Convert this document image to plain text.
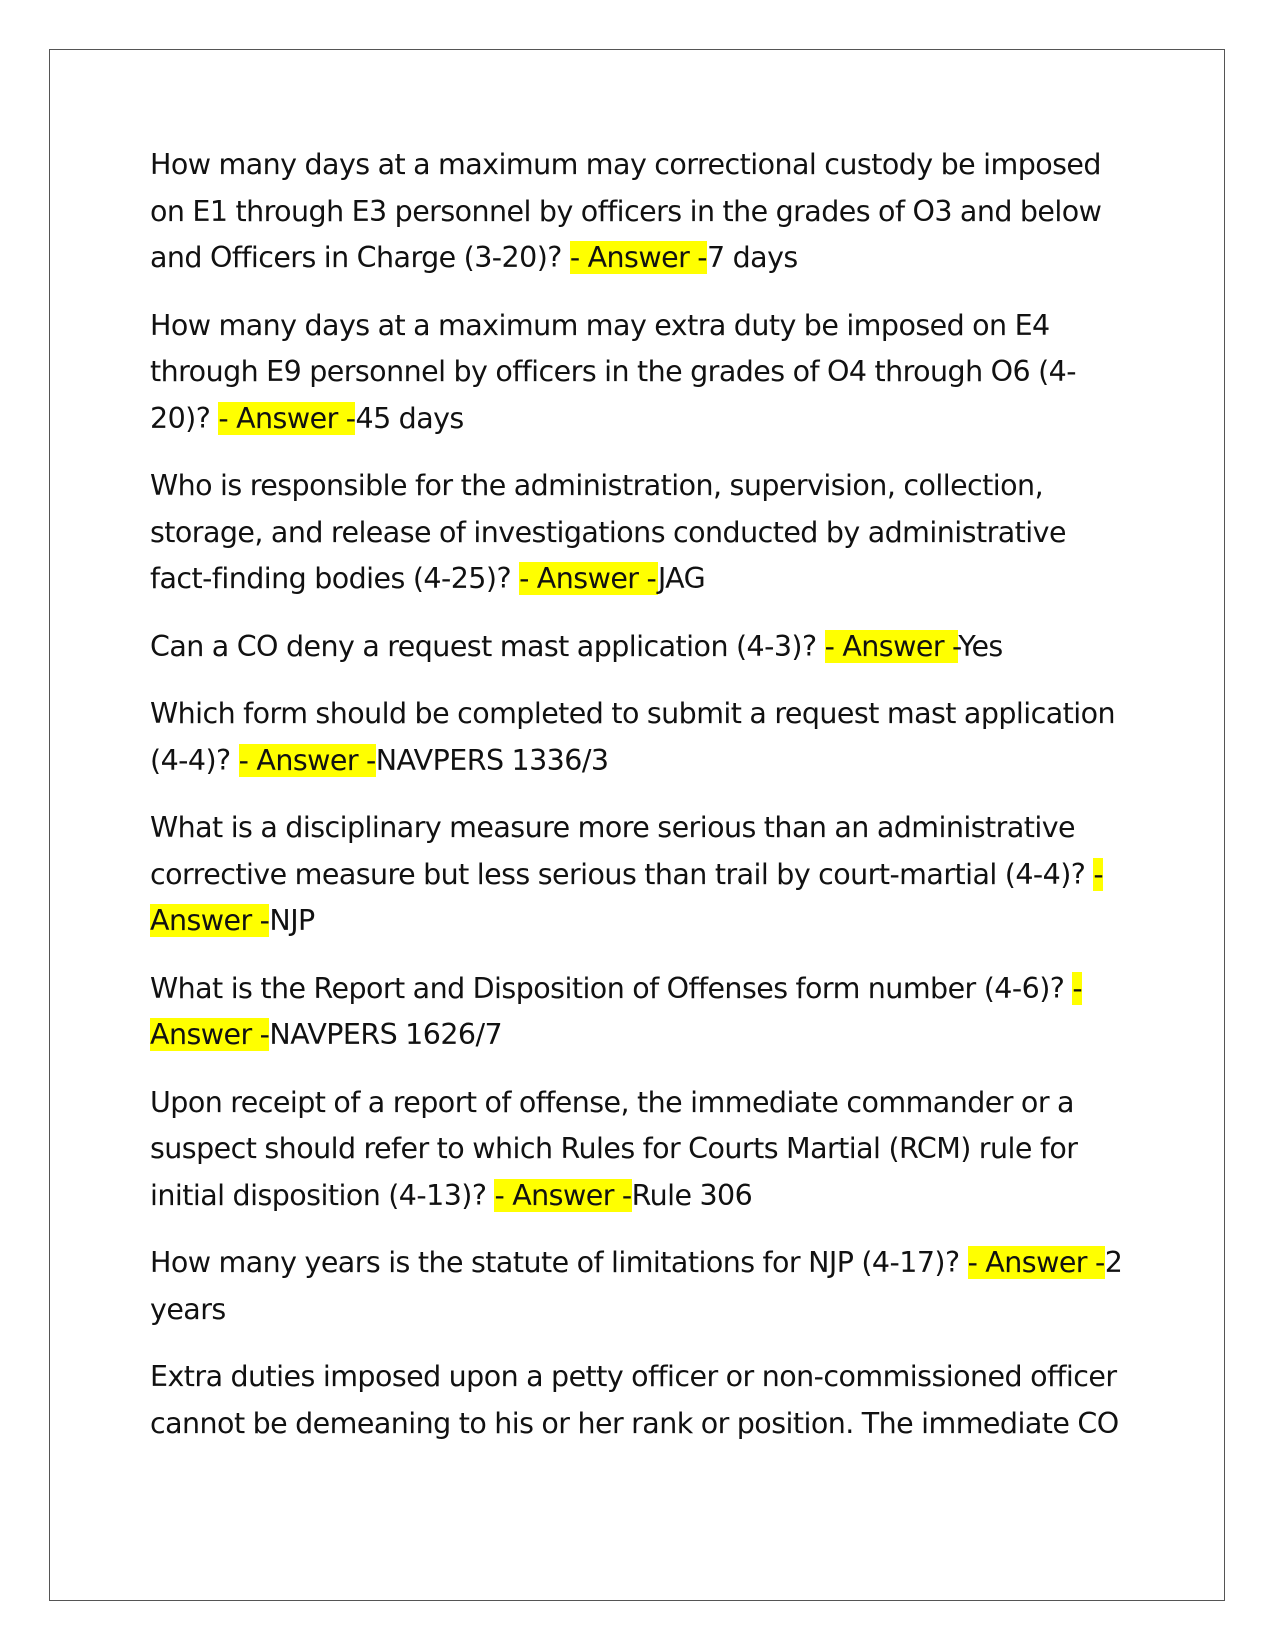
How many days at a maximum may correctional custody be imposed on E1 through E3 personnel by officers in the grades of O3 and below and Officers in Charge (3-20)? - Answer -7 days

How many days at a maximum may extra duty be imposed on E4 through E9 personnel by officers in the grades of O4 through O6 (4-20)? - Answer -45 days

Who is responsible for the administration, supervision, collection, storage, and release of investigations conducted by administrative fact-finding bodies (4-25)? - Answer -JAG

Can a CO deny a request mast application (4-3)? - Answer -Yes

Which form should be completed to submit a request mast application (4-4)? - Answer -NAVPERS 1336/3

What is a disciplinary measure more serious than an administrative corrective measure but less serious than trail by court-martial (4-4)? - Answer -NJP

What is the Report and Disposition of Offenses form number (4-6)? - Answer -NAVPERS 1626/7

Upon receipt of a report of offense, the immediate commander or a suspect should refer to which Rules for Courts Martial (RCM) rule for initial disposition (4-13)? - Answer -Rule 306

How many years is the statute of limitations for NJP (4-17)? - Answer -2 years

Extra duties imposed upon a petty officer or non-commissioned officer cannot be demeaning to his or her rank or position. The immediate CO
